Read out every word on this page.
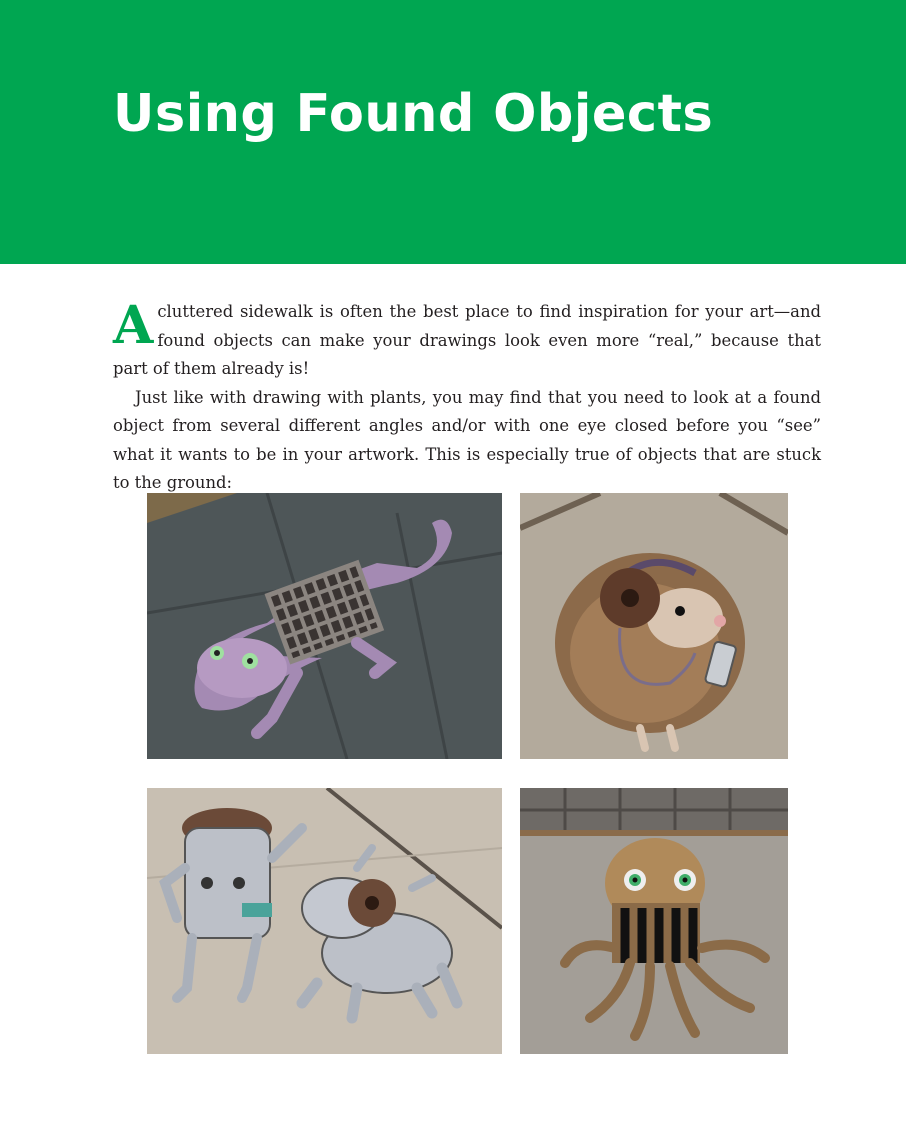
Using Found Objects

Acluttered sidewalk is often the best place to find inspiration for your art—and found objects can make your drawings look even more “real,” because that part of them already is!

Just like with drawing with plants, you may find that you need to look at a found object from several different angles and/or with one eye closed before you “see” what it wants to be in your artwork. This is especially true of objects that are stuck to the ground:
